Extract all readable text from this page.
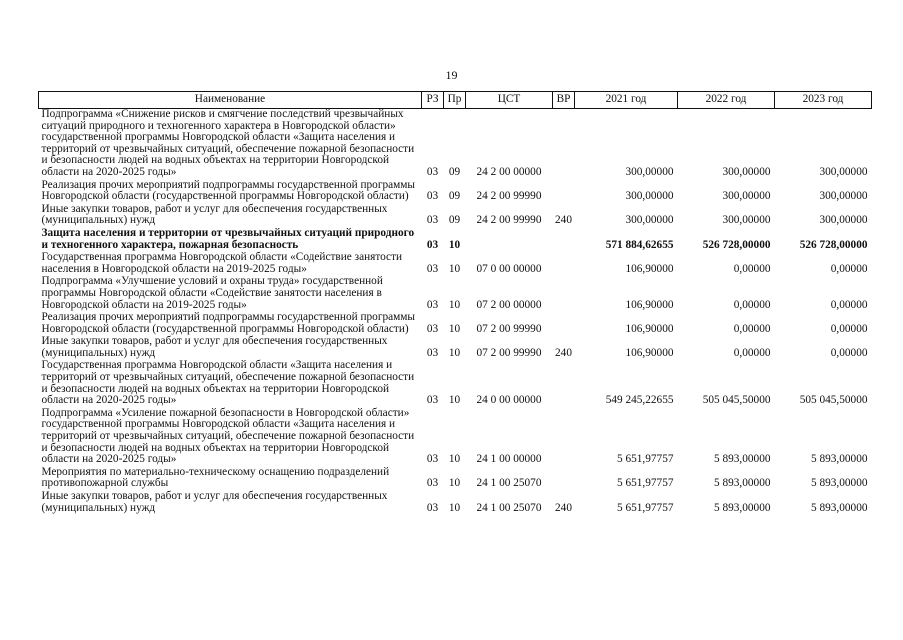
19
Наименование	РЗ	Пр	ЦСТ	ВР	2021 год	2022 год	2023 год
Подпрограмма «Снижение рисков и смягчение последствий чрезвычайных ситуаций природного и техногенного характера в Новгородской области» государственной программы Новгородской области «Защита населения и территорий от чрезвычайных ситуаций, обеспечение пожарной безопасности и безопасности людей на водных объектах на территории Новгородской области на 2020-2025 годы»	03	09	24 2 00 00000		300,00000	300,00000	300,00000
Реализация прочих мероприятий подпрограммы государственной программы Новгородской области (государственной программы Новгородской области)	03	09	24 2 00 99990		300,00000	300,00000	300,00000
Иные закупки товаров, работ и услуг для обеспечения государственных (муниципальных) нужд	03	09	24 2 00 99990	240	300,00000	300,00000	300,00000
Защита населения и территории от чрезвычайных ситуаций природного и техногенного характера, пожарная безопасность	03	10			571 884,62655	526 728,00000	526 728,00000
Государственная программа Новгородской области «Содействие занятости населения в Новгородской области на 2019-2025 годы»	03	10	07 0 00 00000		106,90000	0,00000	0,00000
Подпрограмма «Улучшение условий и охраны труда» государственной программы Новгородской области «Содействие занятости населения в Новгородской области на 2019-2025 годы»	03	10	07 2 00 00000		106,90000	0,00000	0,00000
Реализация прочих мероприятий подпрограммы государственной программы Новгородской области (государственной программы Новгородской области)	03	10	07 2 00 99990		106,90000	0,00000	0,00000
Иные закупки товаров, работ и услуг для обеспечения государственных (муниципальных) нужд	03	10	07 2 00 99990	240	106,90000	0,00000	0,00000
Государственная программа Новгородской области «Защита населения и территорий от чрезвычайных ситуаций, обеспечение пожарной безопасности и безопасности людей на водных объектах на территории Новгородской области на 2020-2025 годы»	03	10	24 0 00 00000		549 245,22655	505 045,50000	505 045,50000
Подпрограмма «Усиление пожарной безопасности в Новгородской области» государственной программы Новгородской области «Защита населения и территорий от чрезвычайных ситуаций, обеспечение пожарной безопасности и безопасности людей на водных объектах на территории Новгородской области на 2020-2025 годы»	03	10	24 1 00 00000		5 651,97757	5 893,00000	5 893,00000
Мероприятия по материально-техническому оснащению подразделений противопожарной службы	03	10	24 1 00 25070		5 651,97757	5 893,00000	5 893,00000
Иные закупки товаров, работ и услуг для обеспечения государственных (муниципальных) нужд	03	10	24 1 00 25070	240	5 651,97757	5 893,00000	5 893,00000
